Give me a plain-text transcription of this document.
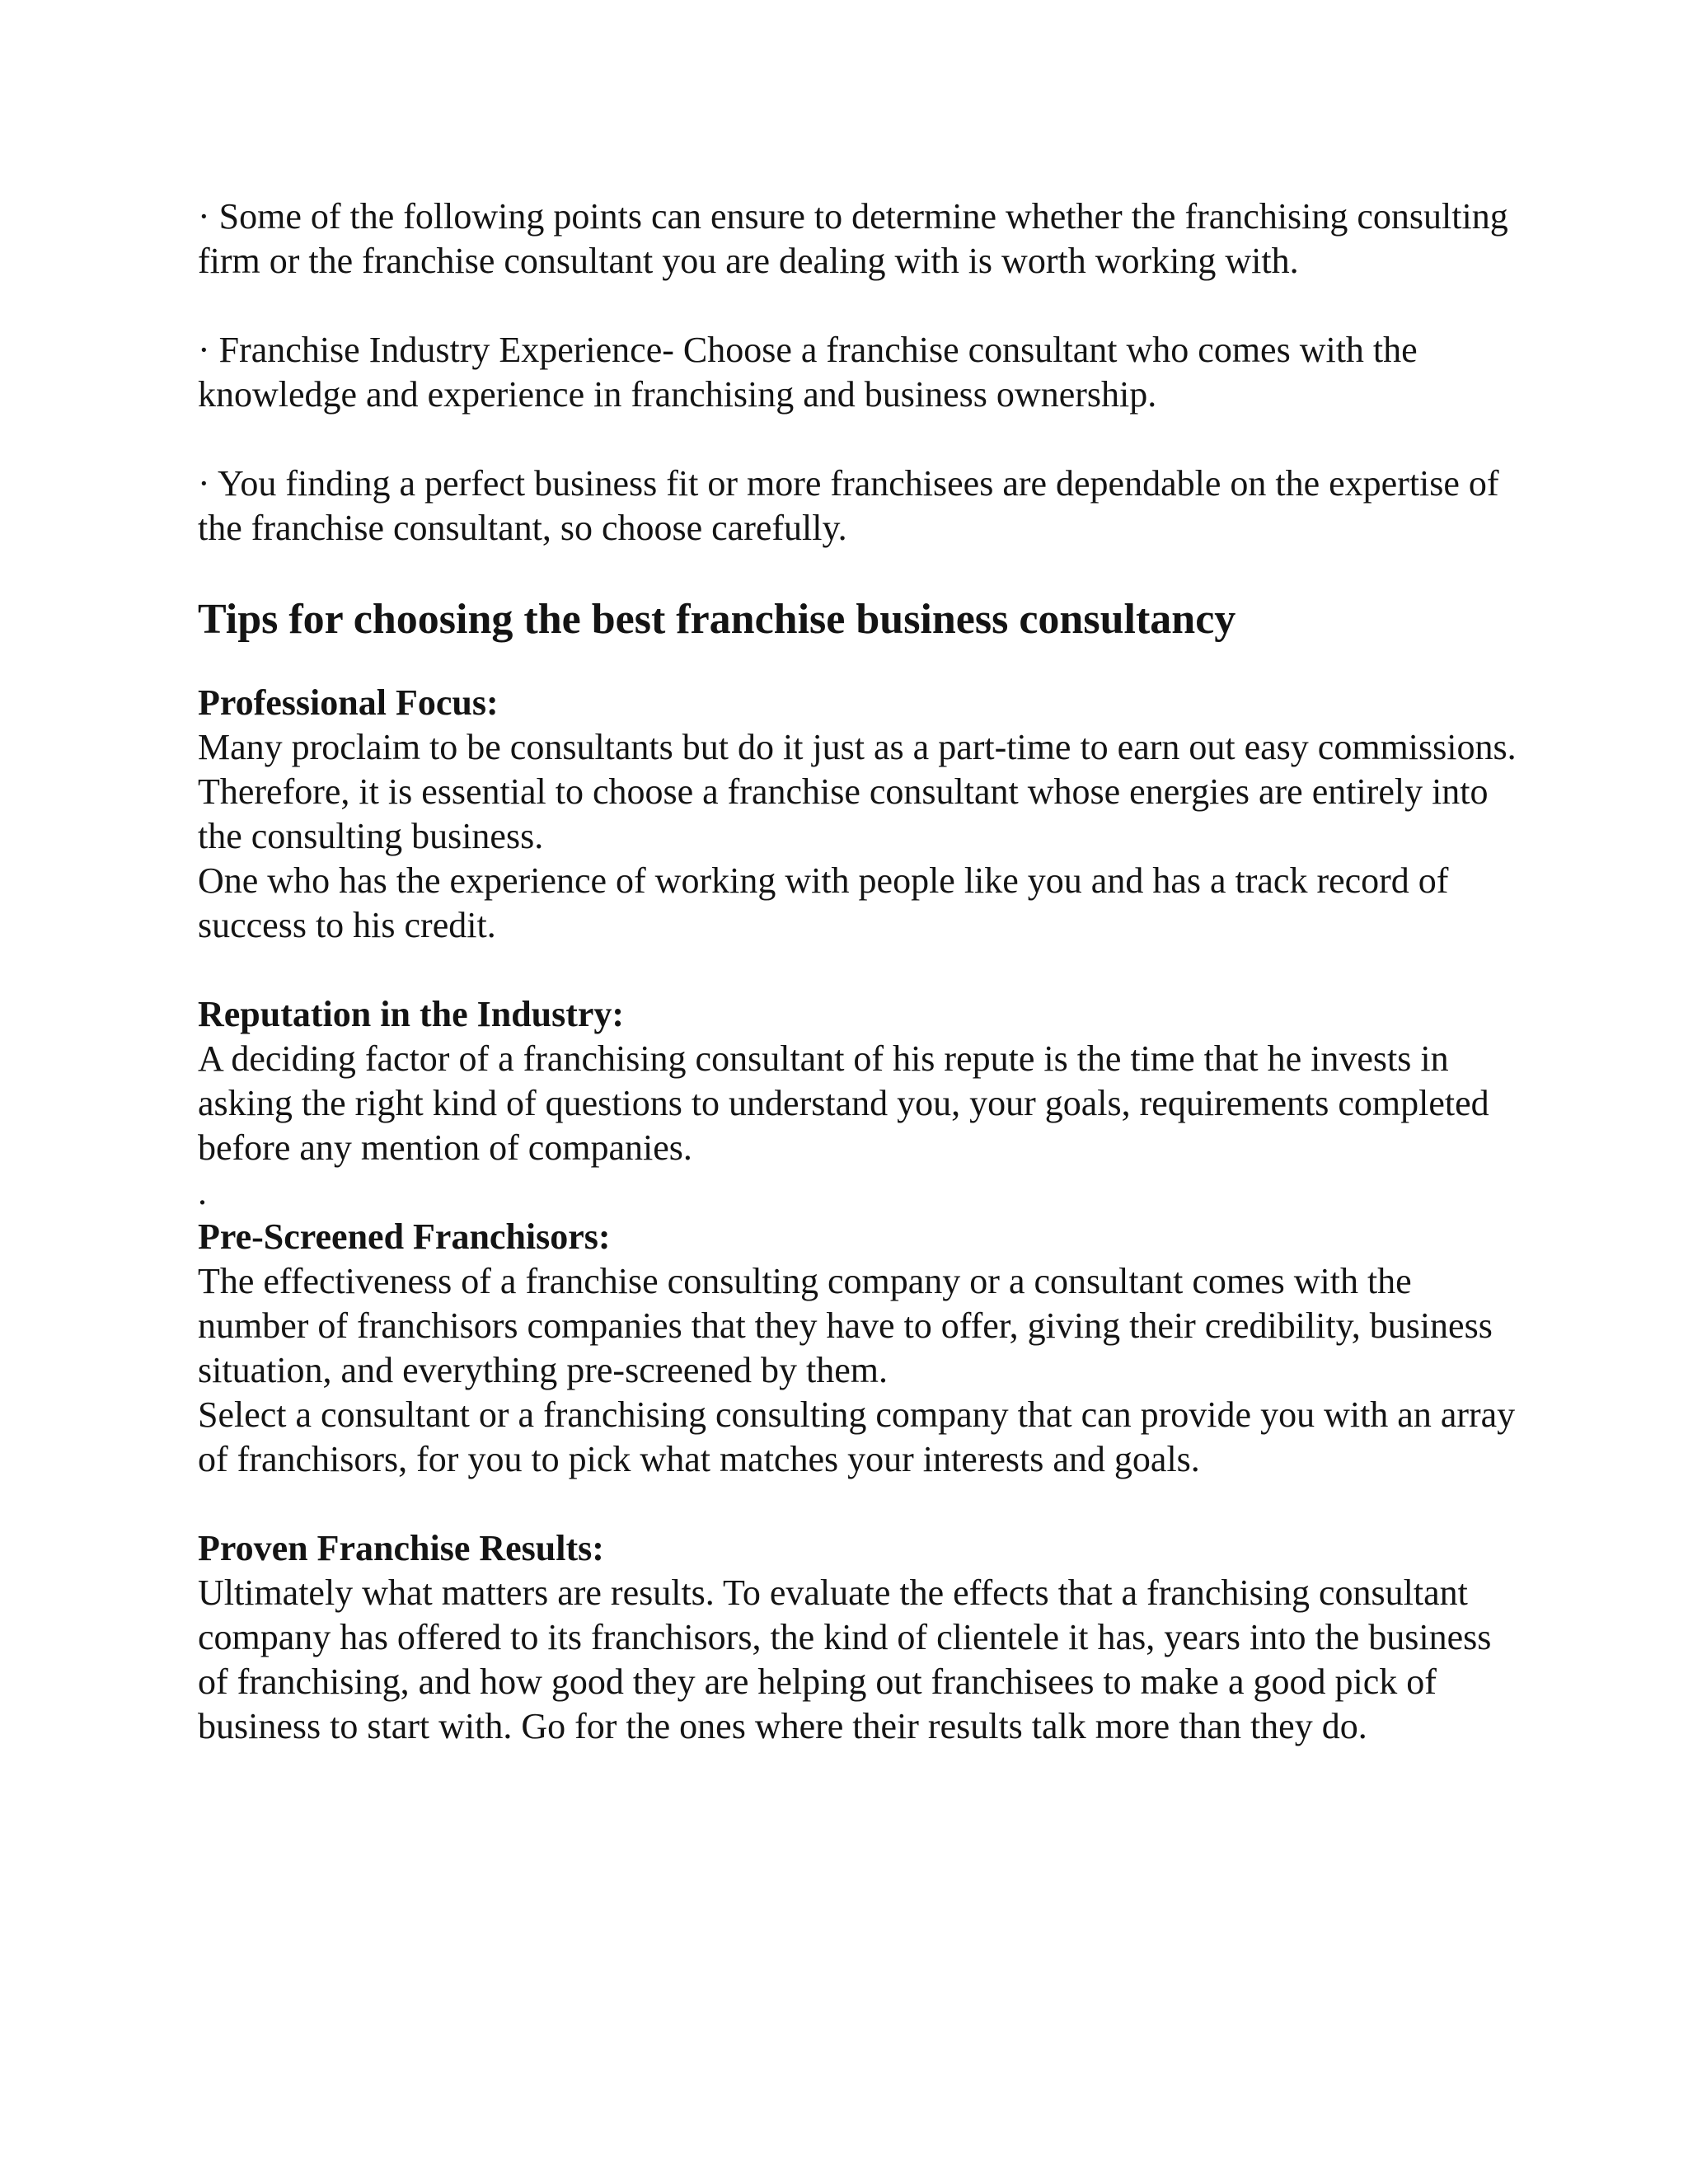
· Some of the following points can ensure to determine whether the franchising consulting firm or the franchise consultant you are dealing with is worth working with.

· Franchise Industry Experience- Choose a franchise consultant who comes with the knowledge and experience in franchising and business ownership.

· You finding a perfect business fit or more franchisees are dependable on the expertise of the franchise consultant, so choose carefully.

Tips for choosing the best franchise business consultancy
Professional Focus:
Many proclaim to be consultants but do it just as a part-time to earn out easy commissions. Therefore, it is essential to choose a franchise consultant whose energies are entirely into the consulting business.
One who has the experience of working with people like you and has a track record of success to his credit.
Reputation in the Industry:
A deciding factor of a franchising consultant of his repute is the time that he invests in asking the right kind of questions to understand you, your goals, requirements completed before any mention of companies.
.
Pre-Screened Franchisors:
The effectiveness of a franchise consulting company or a consultant comes with the number of franchisors companies that they have to offer, giving their credibility, business situation, and everything pre-screened by them.
Select a consultant or a franchising consulting company that can provide you with an array of franchisors, for you to pick what matches your interests and goals.
Proven Franchise Results:
Ultimately what matters are results. To evaluate the effects that a franchising consultant company has offered to its franchisors, the kind of clientele it has, years into the business of franchising, and how good they are helping out franchisees to make a good pick of business to start with. Go for the ones where their results talk more than they do.
